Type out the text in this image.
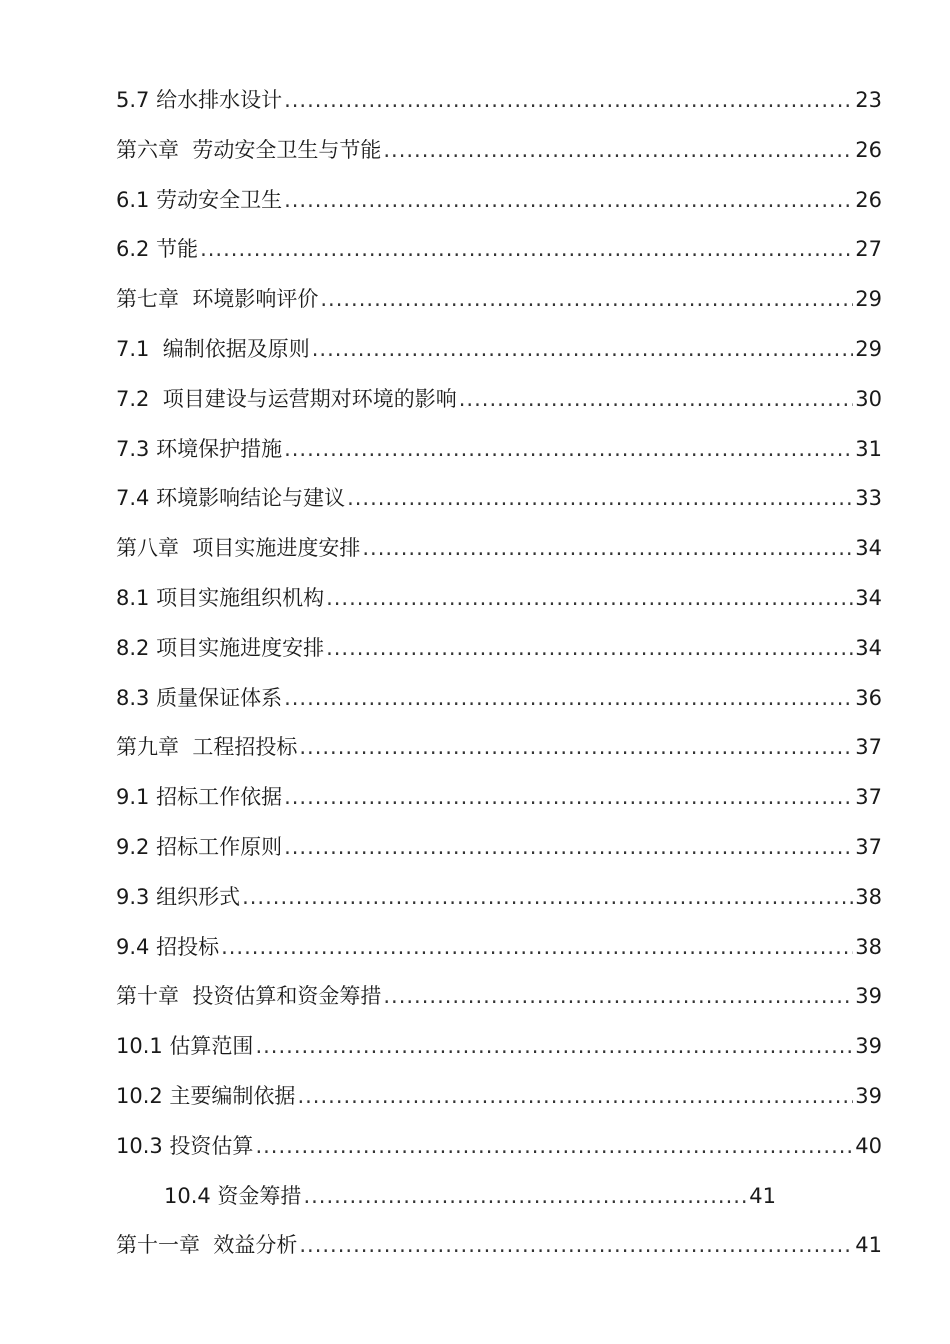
5.7 给水排水设计 .....	23
第六章  劳动安全卫生与节能 .....	26
6.1 劳动安全卫生 .....	26
6.2 节能 .....	27
第七章  环境影响评价 .....	29
7.1  编制依据及原则 .....	29
7.2  项目建设与运营期对环境的影响 .....	30
7.3 环境保护措施 .....	31
7.4 环境影响结论与建议 .....	33
第八章  项目实施进度安排 .....	34
8.1 项目实施组织机构 .....	34
8.2 项目实施进度安排 .....	34
8.3 质量保证体系 .....	36
第九章  工程招投标 .....	37
9.1 招标工作依据 .....	37
9.2 招标工作原则 .....	37
9.3 组织形式 .....	38
9.4 招投标 .....	38
第十章  投资估算和资金筹措 .....	39
10.1 估算范围 .....	39
10.2 主要编制依据 .....	39
10.3 投资估算 .....	40
10.4 资金筹措 .....	41
第十一章  效益分析 .....	41
